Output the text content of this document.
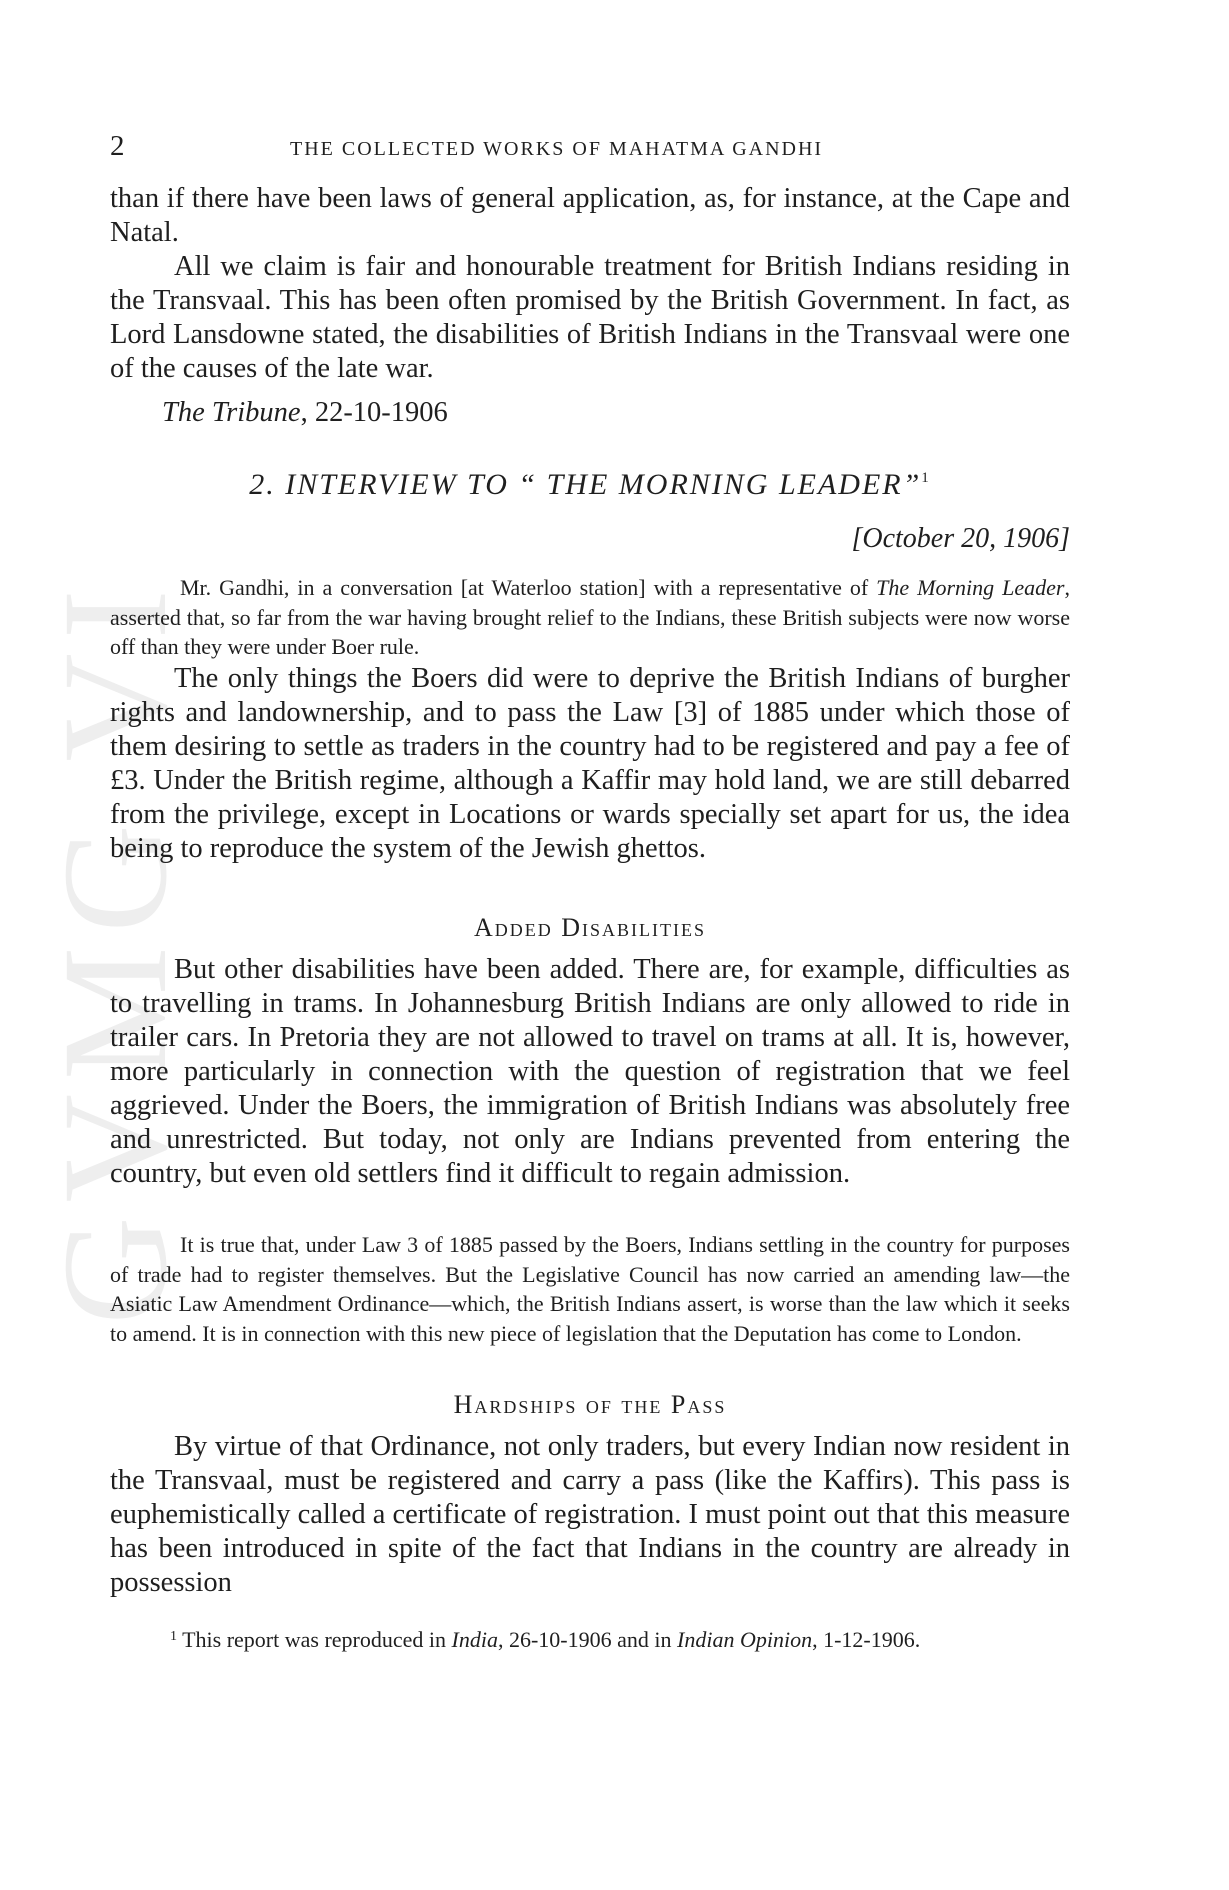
GVMG VI
2	THE COLLECTED WORKS OF MAHATMA GANDHI
than if there have been laws of general application, as, for instance, at the Cape and Natal.
All we claim is fair and honourable treatment for British Indians residing in the Transvaal. This has been often promised by the British Government. In fact, as Lord Lansdowne stated, the disabilities of British Indians in the Transvaal were one of the causes of the late war.
The Tribune, 22-10-1906
2. INTERVIEW TO “ THE MORNING LEADER”$^1$
[October 20, 1906]
Mr. Gandhi, in a conversation [at Waterloo station] with a representative of The Morning Leader, asserted that, so far from the war having brought relief to the Indians, these British subjects were now worse off than they were under Boer rule.
The only things the Boers did were to deprive the British Indians of burgher rights and landownership, and to pass the Law [3] of 1885 under which those of them desiring to settle as traders in the country had to be registered and pay a fee of £3. Under the British regime, although a Kaffir may hold land, we are still debarred from the privilege, except in Locations or wards specially set apart for us, the idea being to reproduce the system of the Jewish ghettos.
Added Disabilities
But other disabilities have been added. There are, for example, difficulties as to travelling in trams. In Johannesburg British Indians are only allowed to ride in trailer cars. In Pretoria they are not allowed to travel on trams at all. It is, however, more particularly in connection with the question of registration that we feel aggrieved. Under the Boers, the immigration of British Indians was absolutely free and unrestricted. But today, not only are Indians prevented from entering the country, but even old settlers find it difficult to regain admission.
It is true that, under Law 3 of 1885 passed by the Boers, Indians settling in the country for purposes of trade had to register themselves. But the Legislative Council has now carried an amending law—the Asiatic Law Amendment Ordinance—which, the British Indians assert, is worse than the law which it seeks to amend. It is in connection with this new piece of legislation that the Deputation has come to London.
Hardships of the Pass
By virtue of that Ordinance, not only traders, but every Indian now resident in the Transvaal, must be registered and carry a pass (like the Kaffirs). This pass is euphemistically called a certificate of registration. I must point out that this measure has been introduced in spite of the fact that Indians in the country are already in possession
$^1$ This report was reproduced in India, 26-10-1906 and in Indian Opinion, 1-12-1906.
